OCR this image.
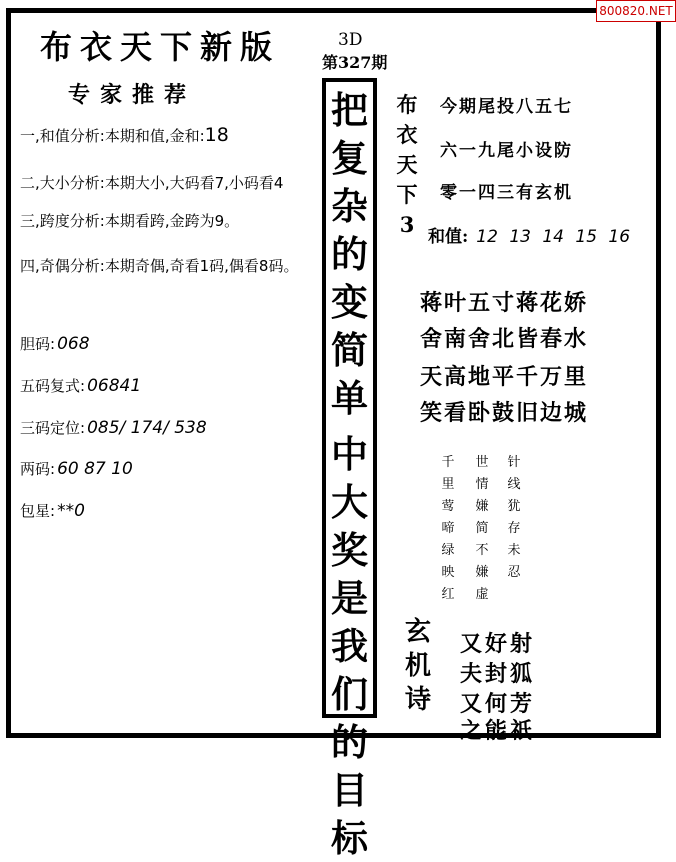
800820.NET
布衣天下新版
专家推荐
3D
第327期
一,和值分析:本期和值,金和:18
二,大小分析:本期大小,大码看7,小码看4
三,跨度分析:本期看跨,金跨为9。
四,奇偶分析:本期奇偶,奇看1码,偶看8码。
胆码: 068
五码复式: 06841
三码定位: 085/ 174/ 538
两码: 60 87 10
包星: **0
把
复
杂
的
变
简
单
中
大
奖
是
我
们
的
目
标
布
衣
天
下
3
今期尾投八五七
六一九尾小设防
零一四三有玄机
和值: 12 13 14 15 16
蒋叶五寸蒋花娇
舍南舍北皆春水
天高地平千万里
笑看卧鼓旧边城
千
里
莺
啼
绿
映
红
世
情
嫌
简
不
嫌
虚
针
线
犹
存
未
忍
玄
机
诗
又好射
夫封狐
又何芳
之能祇
